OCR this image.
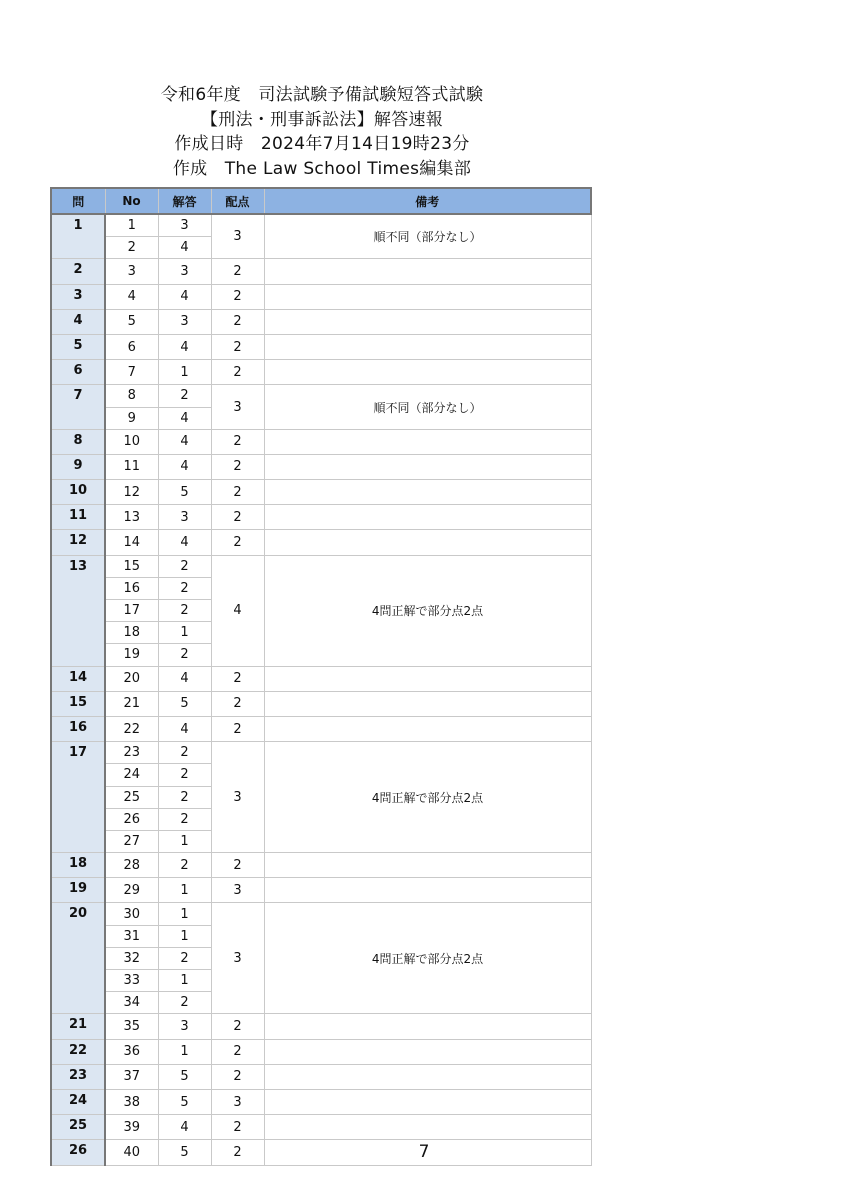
令和6年度　司法試験予備試験短答式試験
【刑法・刑事訴訟法】解答速報
作成日時　2024年7月14日19時23分
作成　The Law School Times編集部
問	No	解答	配点	備考
1	1	3	3	順不同（部分なし）
	2	4		
2	3	3	2	
3	4	4	2	
4	5	3	2	
5	6	4	2	
6	7	1	2	
7	8	2	3	順不同（部分なし）
	9	4		
8	10	4	2	
9	11	4	2	
10	12	5	2	
11	13	3	2	
12	14	4	2	
13	15	2	4	4問正解で部分点2点
	16	2		
	17	2		
	18	1		
	19	2		
14	20	4	2	
15	21	5	2	
16	22	4	2	
17	23	2	3	4問正解で部分点2点
	24	2		
	25	2		
	26	2		
	27	1		
18	28	2	2	
19	29	1	3	
20	30	1	3	4問正解で部分点2点
	31	1		
	32	2		
	33	1		
	34	2		
21	35	3	2	
22	36	1	2	
23	37	5	2	
24	38	5	3	
25	39	4	2	
26	40	5	2		7
